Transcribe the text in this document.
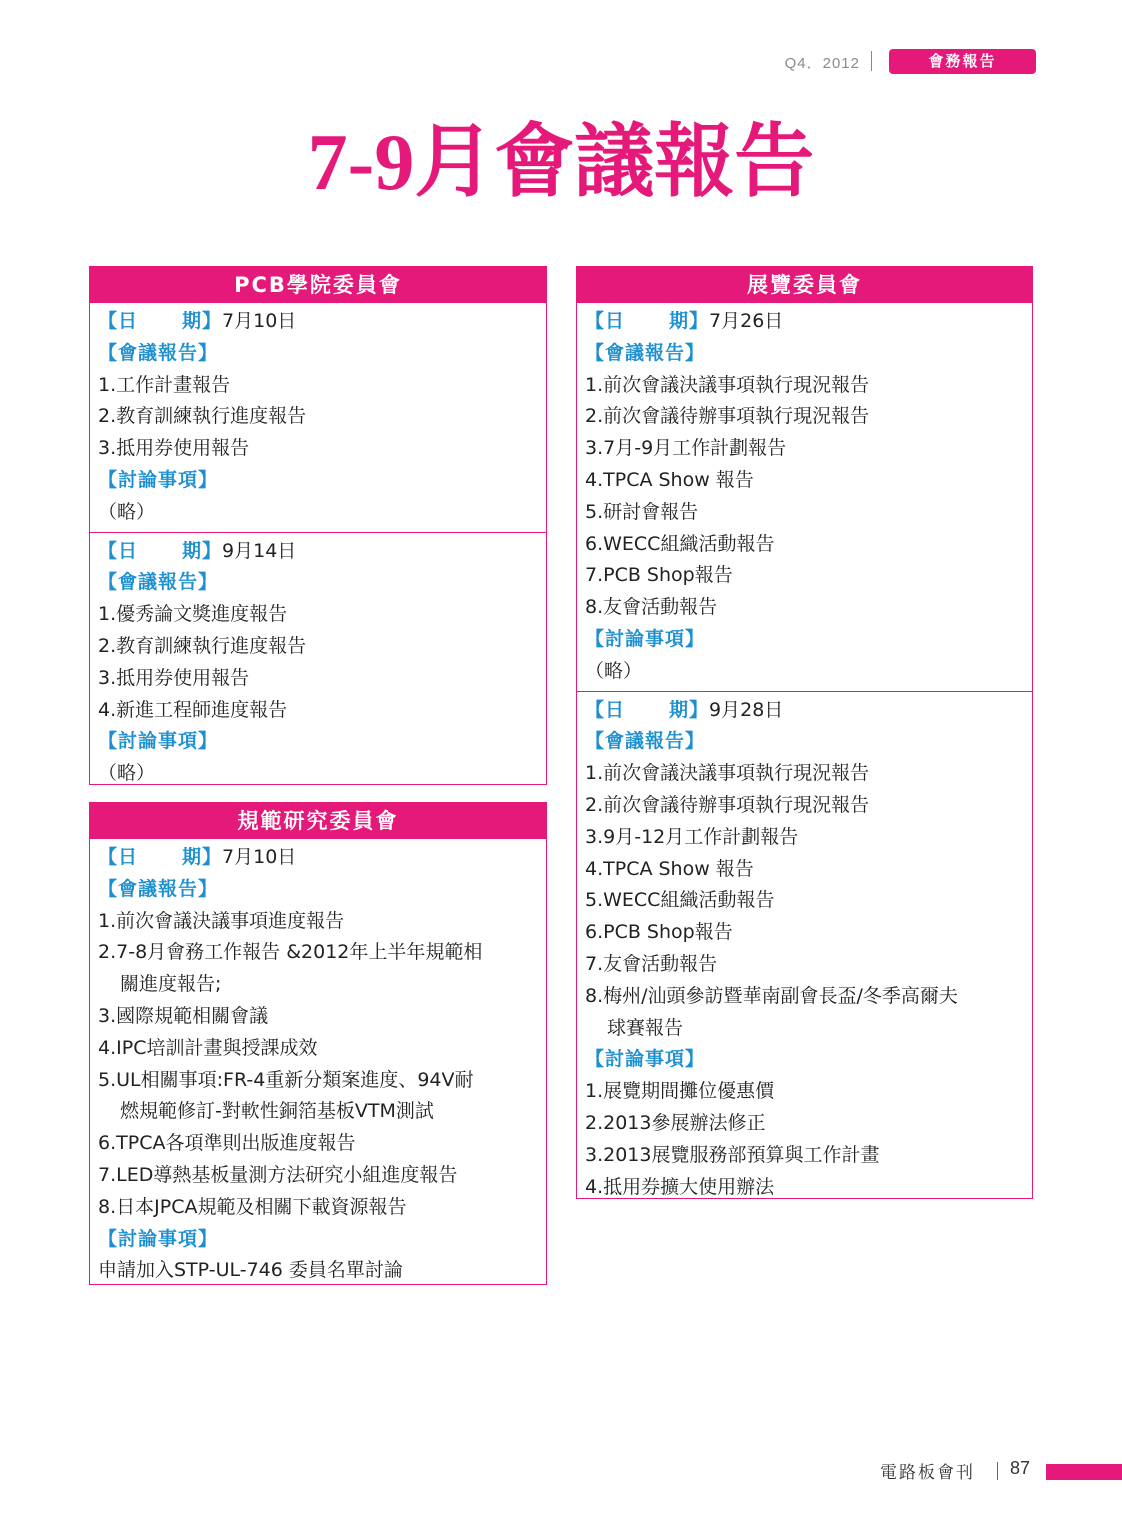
Q4．2012	會務報告
7-9月會議報告
PCB學院委員會
【日 期】7月10日
【會議報告】
1.工作計畫報告
2.教育訓練執行進度報告
3.抵用券使用報告
【討論事項】
（略）
【日 期】9月14日
【會議報告】
1.優秀論文獎進度報告
2.教育訓練執行進度報告
3.抵用券使用報告
4.新進工程師進度報告
【討論事項】
（略）
規範研究委員會
【日 期】7月10日
【會議報告】
1.前次會議決議事項進度報告
2.7-8月會務工作報告 &2012年上半年規範相
關進度報告;
3.國際規範相關會議
4.IPC培訓計畫與授課成效
5.UL相關事項:FR-4重新分類案進度、94V耐
燃規範修訂-對軟性銅箔基板VTM測試
6.TPCA各項準則出版進度報告
7.LED導熱基板量測方法研究小組進度報告
8.日本JPCA規範及相關下載資源報告
【討論事項】
申請加入STP-UL-746 委員名單討論
展覽委員會
【日 期】7月26日
【會議報告】
1.前次會議決議事項執行現況報告
2.前次會議待辦事項執行現況報告
3.7月-9月工作計劃報告
4.TPCA Show 報告
5.研討會報告
6.WECC組織活動報告
7.PCB Shop報告
8.友會活動報告
【討論事項】
（略）
【日 期】9月28日
【會議報告】
1.前次會議決議事項執行現況報告
2.前次會議待辦事項執行現況報告
3.9月-12月工作計劃報告
4.TPCA Show 報告
5.WECC組織活動報告
6.PCB Shop報告
7.友會活動報告
8.梅州/汕頭參訪暨華南副會長盃/冬季高爾夫
球賽報告
【討論事項】
1.展覽期間攤位優惠價
2.2013參展辦法修正
3.2013展覽服務部預算與工作計畫
4.抵用券擴大使用辦法
電路板會刊 87
